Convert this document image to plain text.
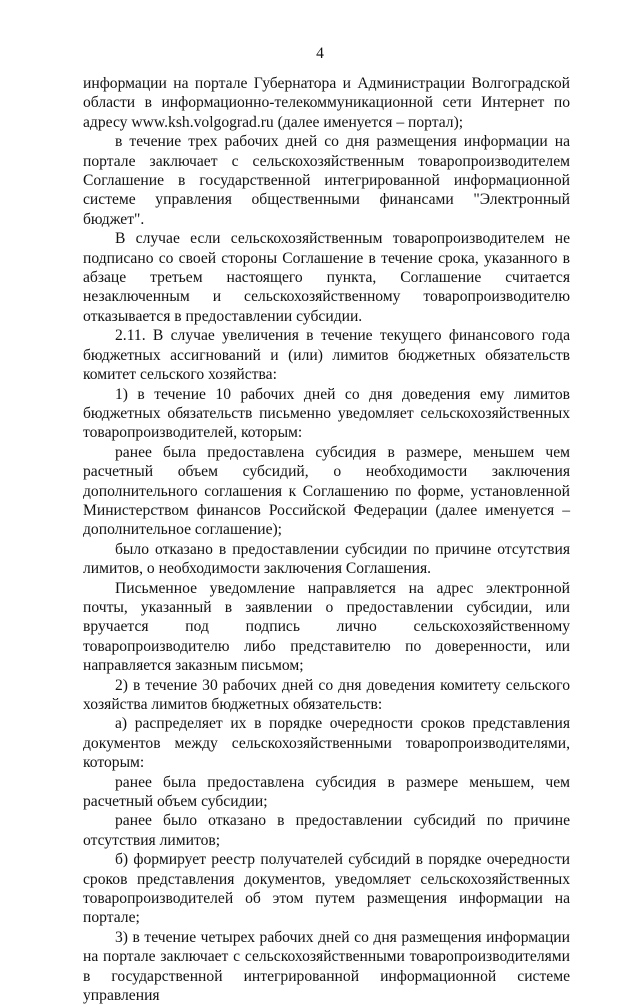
4

информации на портале Губернатора и Администрации Волгоградской области в информационно-телекоммуникационной сети Интернет по адресу www.ksh.volgograd.ru (далее именуется – портал);

в течение трех рабочих дней со дня размещения информации на портале заключает с сельскохозяйственным товаропроизводителем Соглашение в государственной интегрированной информационной системе управления общественными финансами "Электронный бюджет".

В случае если сельскохозяйственным товаропроизводителем не подписано со своей стороны Соглашение в течение срока, указанного в абзаце третьем настоящего пункта, Соглашение считается незаключенным и сельскохозяйственному товаропроизводителю отказывается в предоставлении субсидии.

2.11. В случае увеличения в течение текущего финансового года бюджетных ассигнований и (или) лимитов бюджетных обязательств комитет сельского хозяйства:

1) в течение 10 рабочих дней со дня доведения ему лимитов бюджетных обязательств письменно уведомляет сельскохозяйственных товаропроизводителей, которым:

ранее была предоставлена субсидия в размере, меньшем чем расчетный объем субсидий, о необходимости заключения дополнительного соглашения к Соглашению по форме, установленной Министерством финансов Российской Федерации (далее именуется – дополнительное соглашение);

было отказано в предоставлении субсидии по причине отсутствия лимитов, о необходимости заключения Соглашения.

Письменное уведомление направляется на адрес электронной почты, указанный в заявлении о предоставлении субсидии, или вручается под подпись лично сельскохозяйственному товаропроизводителю либо представителю по доверенности, или направляется заказным письмом;

2) в течение 30 рабочих дней со дня доведения комитету сельского хозяйства лимитов бюджетных обязательств:

а) распределяет их в порядке очередности сроков представления документов между сельскохозяйственными товаропроизводителями, которым:

ранее была предоставлена субсидия в размере меньшем, чем расчетный объем субсидии;

ранее было отказано в предоставлении субсидий по причине отсутствия лимитов;

б) формирует реестр получателей субсидий в порядке очередности сроков представления документов, уведомляет сельскохозяйственных товаропроизводителей об этом путем размещения информации на портале;

3) в течение четырех рабочих дней со дня размещения информации на портале заключает с сельскохозяйственными товаропроизводителями в государственной интегрированной информационной системе управления
